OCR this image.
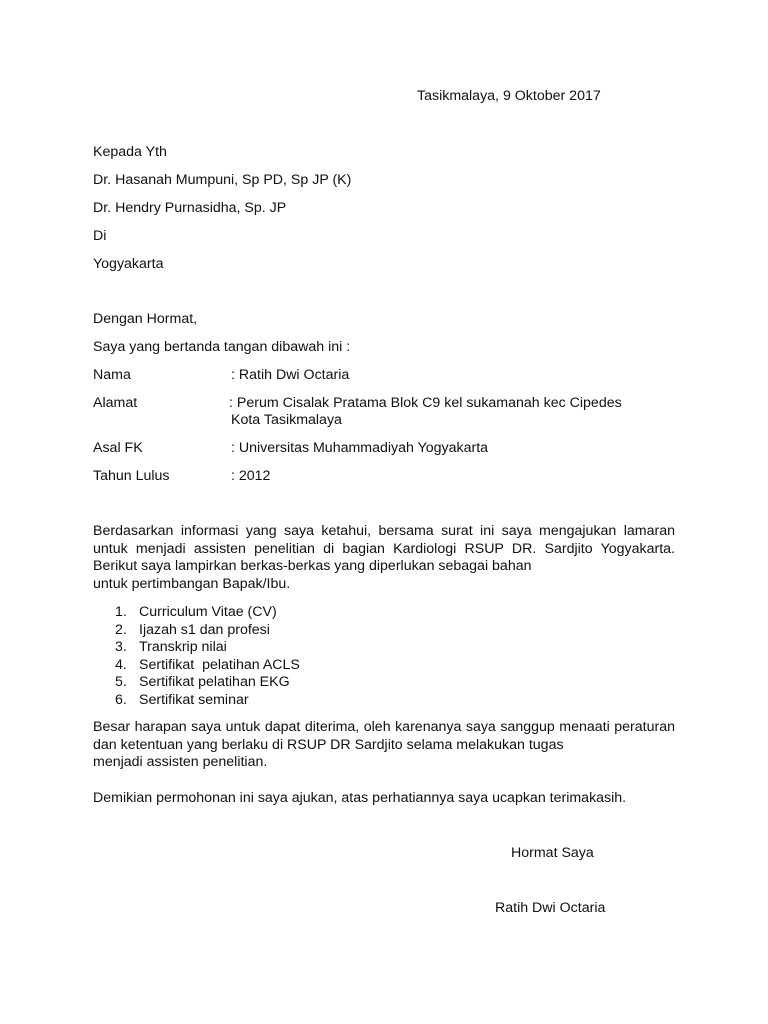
Tasikmalaya, 9 Oktober 2017
Kepada Yth
Dr. Hasanah Mumpuni, Sp PD, Sp JP (K)
Dr. Hendry Purnasidha, Sp. JP
Di
Yogyakarta
Dengan Hormat,
Saya yang bertanda tangan dibawah ini :
Nama	: Ratih Dwi Octaria
Alamat	: Perum Cisalak Pratama Blok C9 kel sukamanah kec Cipedes
Kota Tasikmalaya
Asal FK	: Universitas Muhammadiyah Yogyakarta
Tahun Lulus	: 2012

Berdasarkan informasi yang saya ketahui, bersama surat ini saya mengajukan lamaran untuk menjadi assisten penelitian di bagian Kardiologi RSUP DR. Sardjito Yogyakarta. Berikut saya lampirkan berkas-berkas yang diperlukan sebagai bahan
untuk pertimbangan Bapak/Ibu.

1. Curriculum Vitae (CV)
2. Ijazah s1 dan profesi
3. Transkrip nilai
4. Sertifikat  pelatihan ACLS
5. Sertifikat pelatihan EKG
6. Sertifikat seminar

Besar harapan saya untuk dapat diterima, oleh karenanya saya sanggup menaati peraturan dan ketentuan yang berlaku di RSUP DR Sardjito selama melakukan tugas
menjadi assisten penelitian.

Demikian permohonan ini saya ajukan, atas perhatiannya saya ucapkan terimakasih.
Hormat Saya
Ratih Dwi Octaria
